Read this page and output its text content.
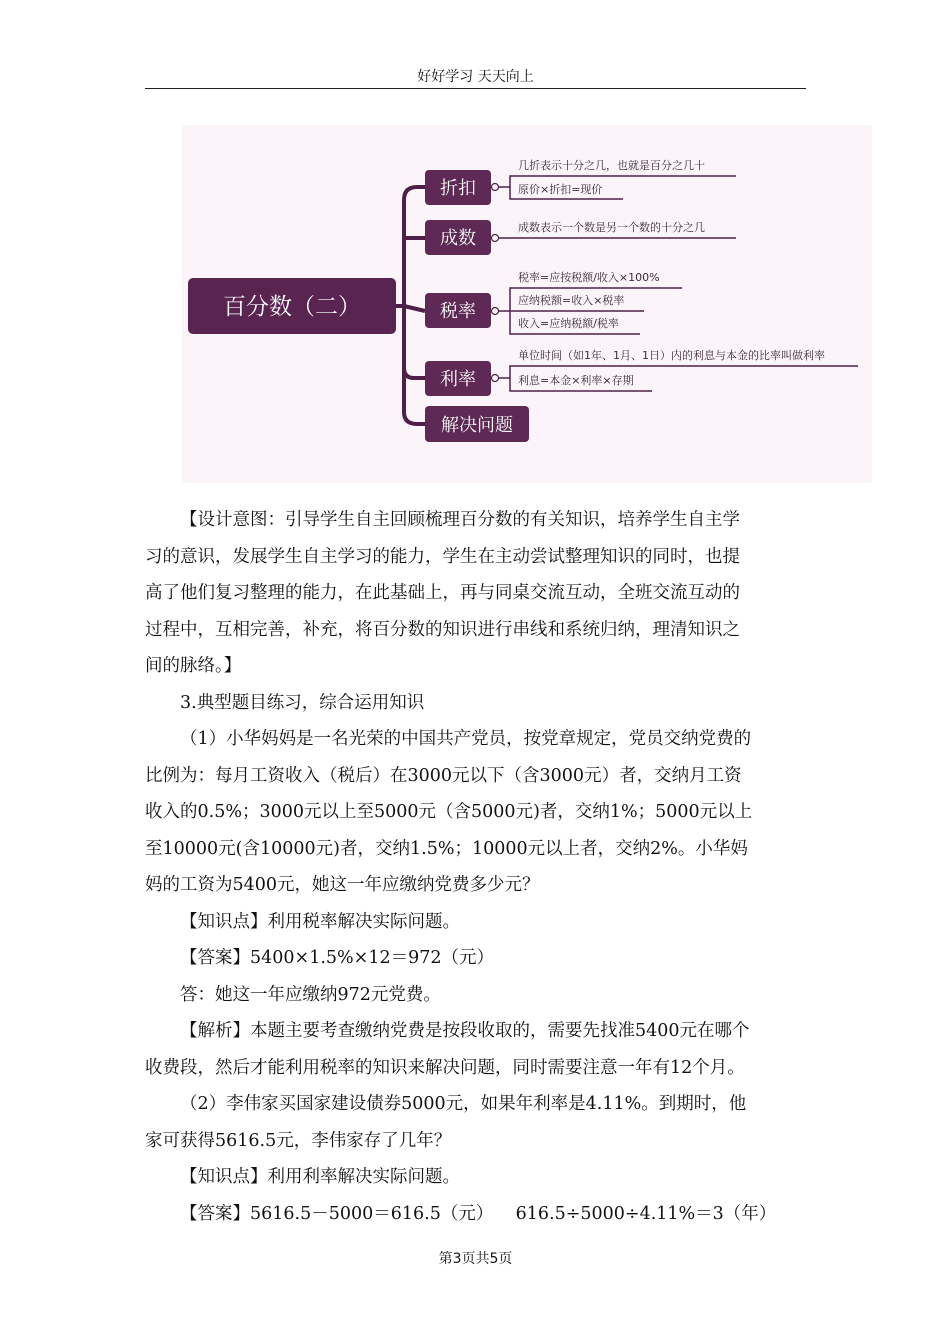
好好学习 天天向上
百分数（二）
折扣
几折表示十分之几，也就是百分之几十
原价×折扣=现价
成数
成数表示一个数是另一个数的十分之几
税率
税率=应按税额/收入×100%
应纳税额=收入×税率
收入=应纳税额/税率
利率
单位时间（如1年、1月、1日）内的利息与本金的比率叫做利率
利息=本金×利率×存期
解决问题
【设计意图：引导学生自主回顾梳理百分数的有关知识，培养学生自主学
习的意识，发展学生自主学习的能力，学生在主动尝试整理知识的同时，也提
高了他们复习整理的能力，在此基础上，再与同桌交流互动，全班交流互动的
过程中，互相完善，补充，将百分数的知识进行串线和系统归纳，理清知识之
间的脉络。】
3.典型题目练习，综合运用知识
（1）小华妈妈是一名光荣的中国共产党员，按党章规定，党员交纳党费的
比例为：每月工资收入（税后）在3000元以下（含3000元）者，交纳月工资
收入的0.5%；3000元以上至5000元（含5000元)者，交纳1%；5000元以上
至10000元(含10000元)者，交纳1.5%；10000元以上者，交纳2%。小华妈
妈的工资为5400元，她这一年应缴纳党费多少元？
【知识点】利用税率解决实际问题。
【答案】5400×1.5%×12＝972（元）
答：她这一年应缴纳972元党费。
【解析】本题主要考查缴纳党费是按段收取的，需要先找准5400元在哪个
收费段，然后才能利用税率的知识来解决问题，同时需要注意一年有12个月。
（2）李伟家买国家建设债券5000元，如果年利率是4.11%。到期时，他
家可获得5616.5元，李伟家存了几年？
【知识点】利用利率解决实际问题。
【答案】5616.5－5000＝616.5（元）    616.5÷5000÷4.11%＝3（年）
第3页共5页
